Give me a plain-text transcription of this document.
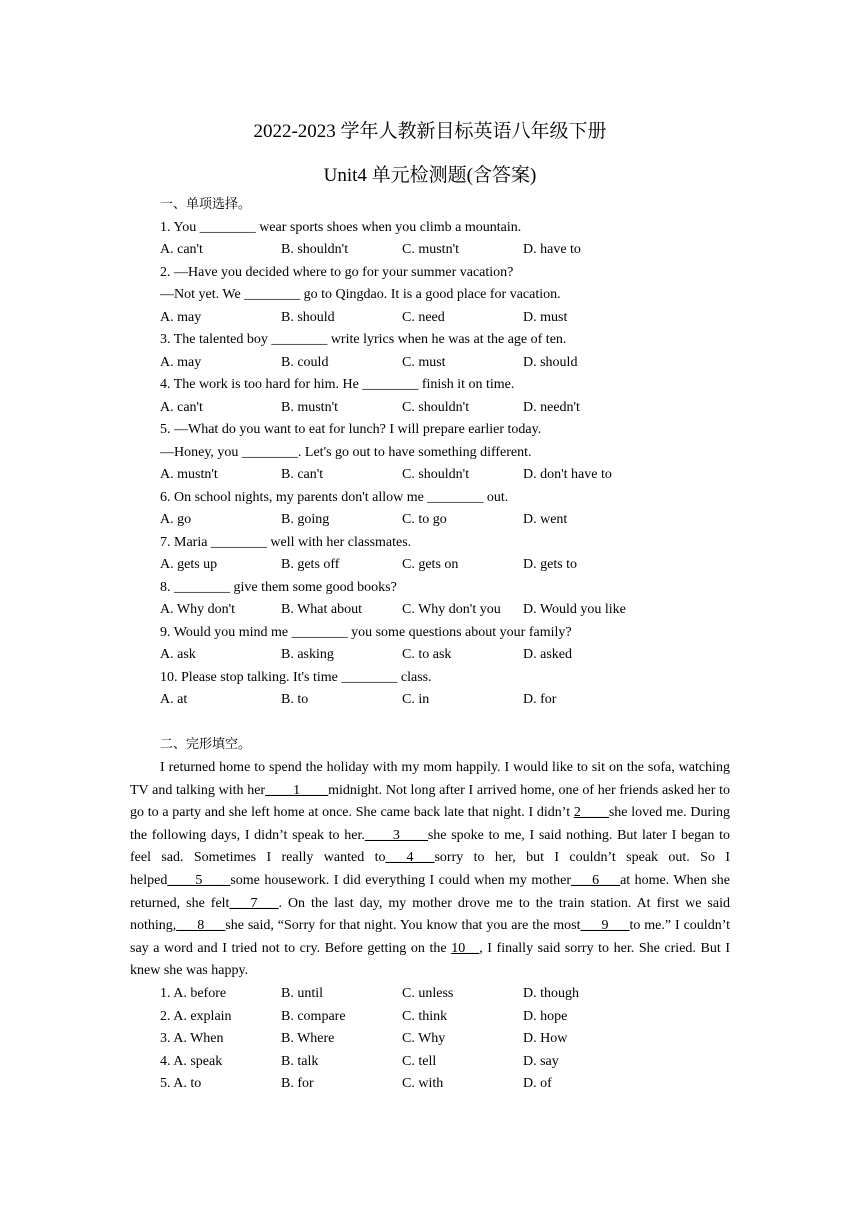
2022-2023 学年人教新目标英语八年级下册
Unit4 单元检测题(含答案)
一、单项选择。
1. You ________ wear sports shoes when you climb a mountain.
A. can't	B. shouldn't	C. mustn't	D. have to
2. —Have you decided where to go for your summer vacation?
—Not yet. We ________ go to Qingdao. It is a good place for vacation.
A. may	B. should	C. need	D. must
3. The talented boy ________ write lyrics when he was at the age of ten.
A. may	B. could	C. must	D. should
4. The work is too hard for him. He ________ finish it on time.
A. can't	B. mustn't	C. shouldn't	D. needn't
5. —What do you want to eat for lunch? I will prepare earlier today.
—Honey, you ________. Let's go out to have something different.
A. mustn't	B. can't	C. shouldn't	D. don't have to
6. On school nights, my parents don't allow me ________ out.
A. go	B. going	C. to go	D. went
7. Maria ________ well with her classmates.
A. gets up	B. gets off	C. gets on	D. gets to
8. ________ give them some good books?
A. Why don't	B. What about	C. Why don't you	D. Would you like
9. Would you mind me ________ you some questions about your family?
A. ask	B. asking	C. to ask	D. asked
10. Please stop talking. It's time ________ class.
A. at	B. to	C. in	D. for
二、完形填空。

I returned home to spend the holiday with my mom happily. I would like to sit on the sofa, watching TV and talking with her____1____midnight. Not long after I arrived home, one of her friends asked her to go to a party and she left home at once. She came back late that night. I didn’t 2____she loved me. During the following days, I didn’t speak to her.____3____she spoke to me, I said nothing. But later I began to feel sad. Sometimes I really wanted to___4___sorry to her, but I couldn’t speak out. So I helped____5____some housework. I did everything I could when my mother___6___at home. When she returned, she felt___7___. On the last day, my mother drove me to the train station. At first we said nothing,___8___she said, “Sorry for that night. You know that you are the most___9___to me.” I couldn’t say a word and I tried not to cry. Before getting on the 10__, I finally said sorry to her. She cried. But I knew she was happy.

1. A. before	B. until	C. unless	D. though
2. A. explain	B. compare	C. think	D. hope
3. A. When	B. Where	C. Why	D. How
4. A. speak	B. talk	C. tell	D. say
5. A. to	B. for	C. with	D. of
